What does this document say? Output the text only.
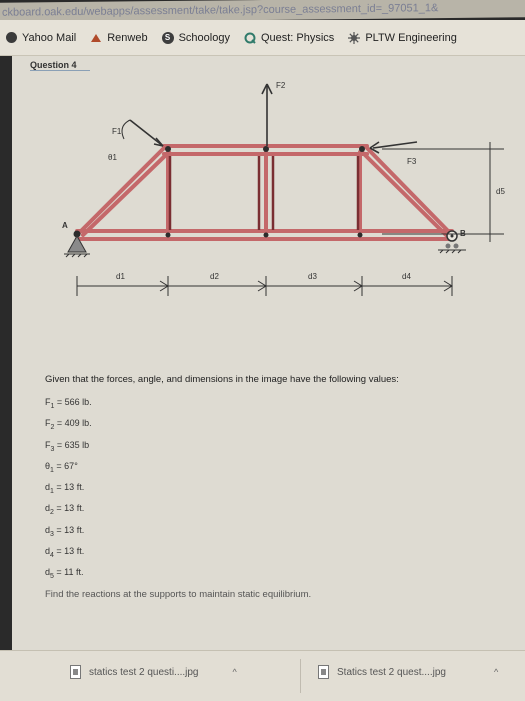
ckboard.oak.edu/webapps/assessment/take/take.jsp?course_assessment_id=_97051_1&
Yahoo Mail	Renweb	S Schoology	Quest: Physics	PLTW Engineering
Question 4
F1
θ1
F2
F3
A
B
d1	d2	d3	d4
d5
Given that the forces, angle, and dimensions in the image have the following values:
$F_1 = 566$ lb.
$F_2 = 409$ lb.
$F_3 = 635$ lb
$\theta_1 = 67^\circ$
$d_1 = 13$ ft.
$d_2 = 13$ ft.
$d_3 = 13$ ft.
$d_4 = 13$ ft.
$d_5 = 11$ ft.
Find the reactions at the supports to maintain static equilibrium.
statics test 2 questi....jpg	^	Statics test 2 quest....jpg	^
